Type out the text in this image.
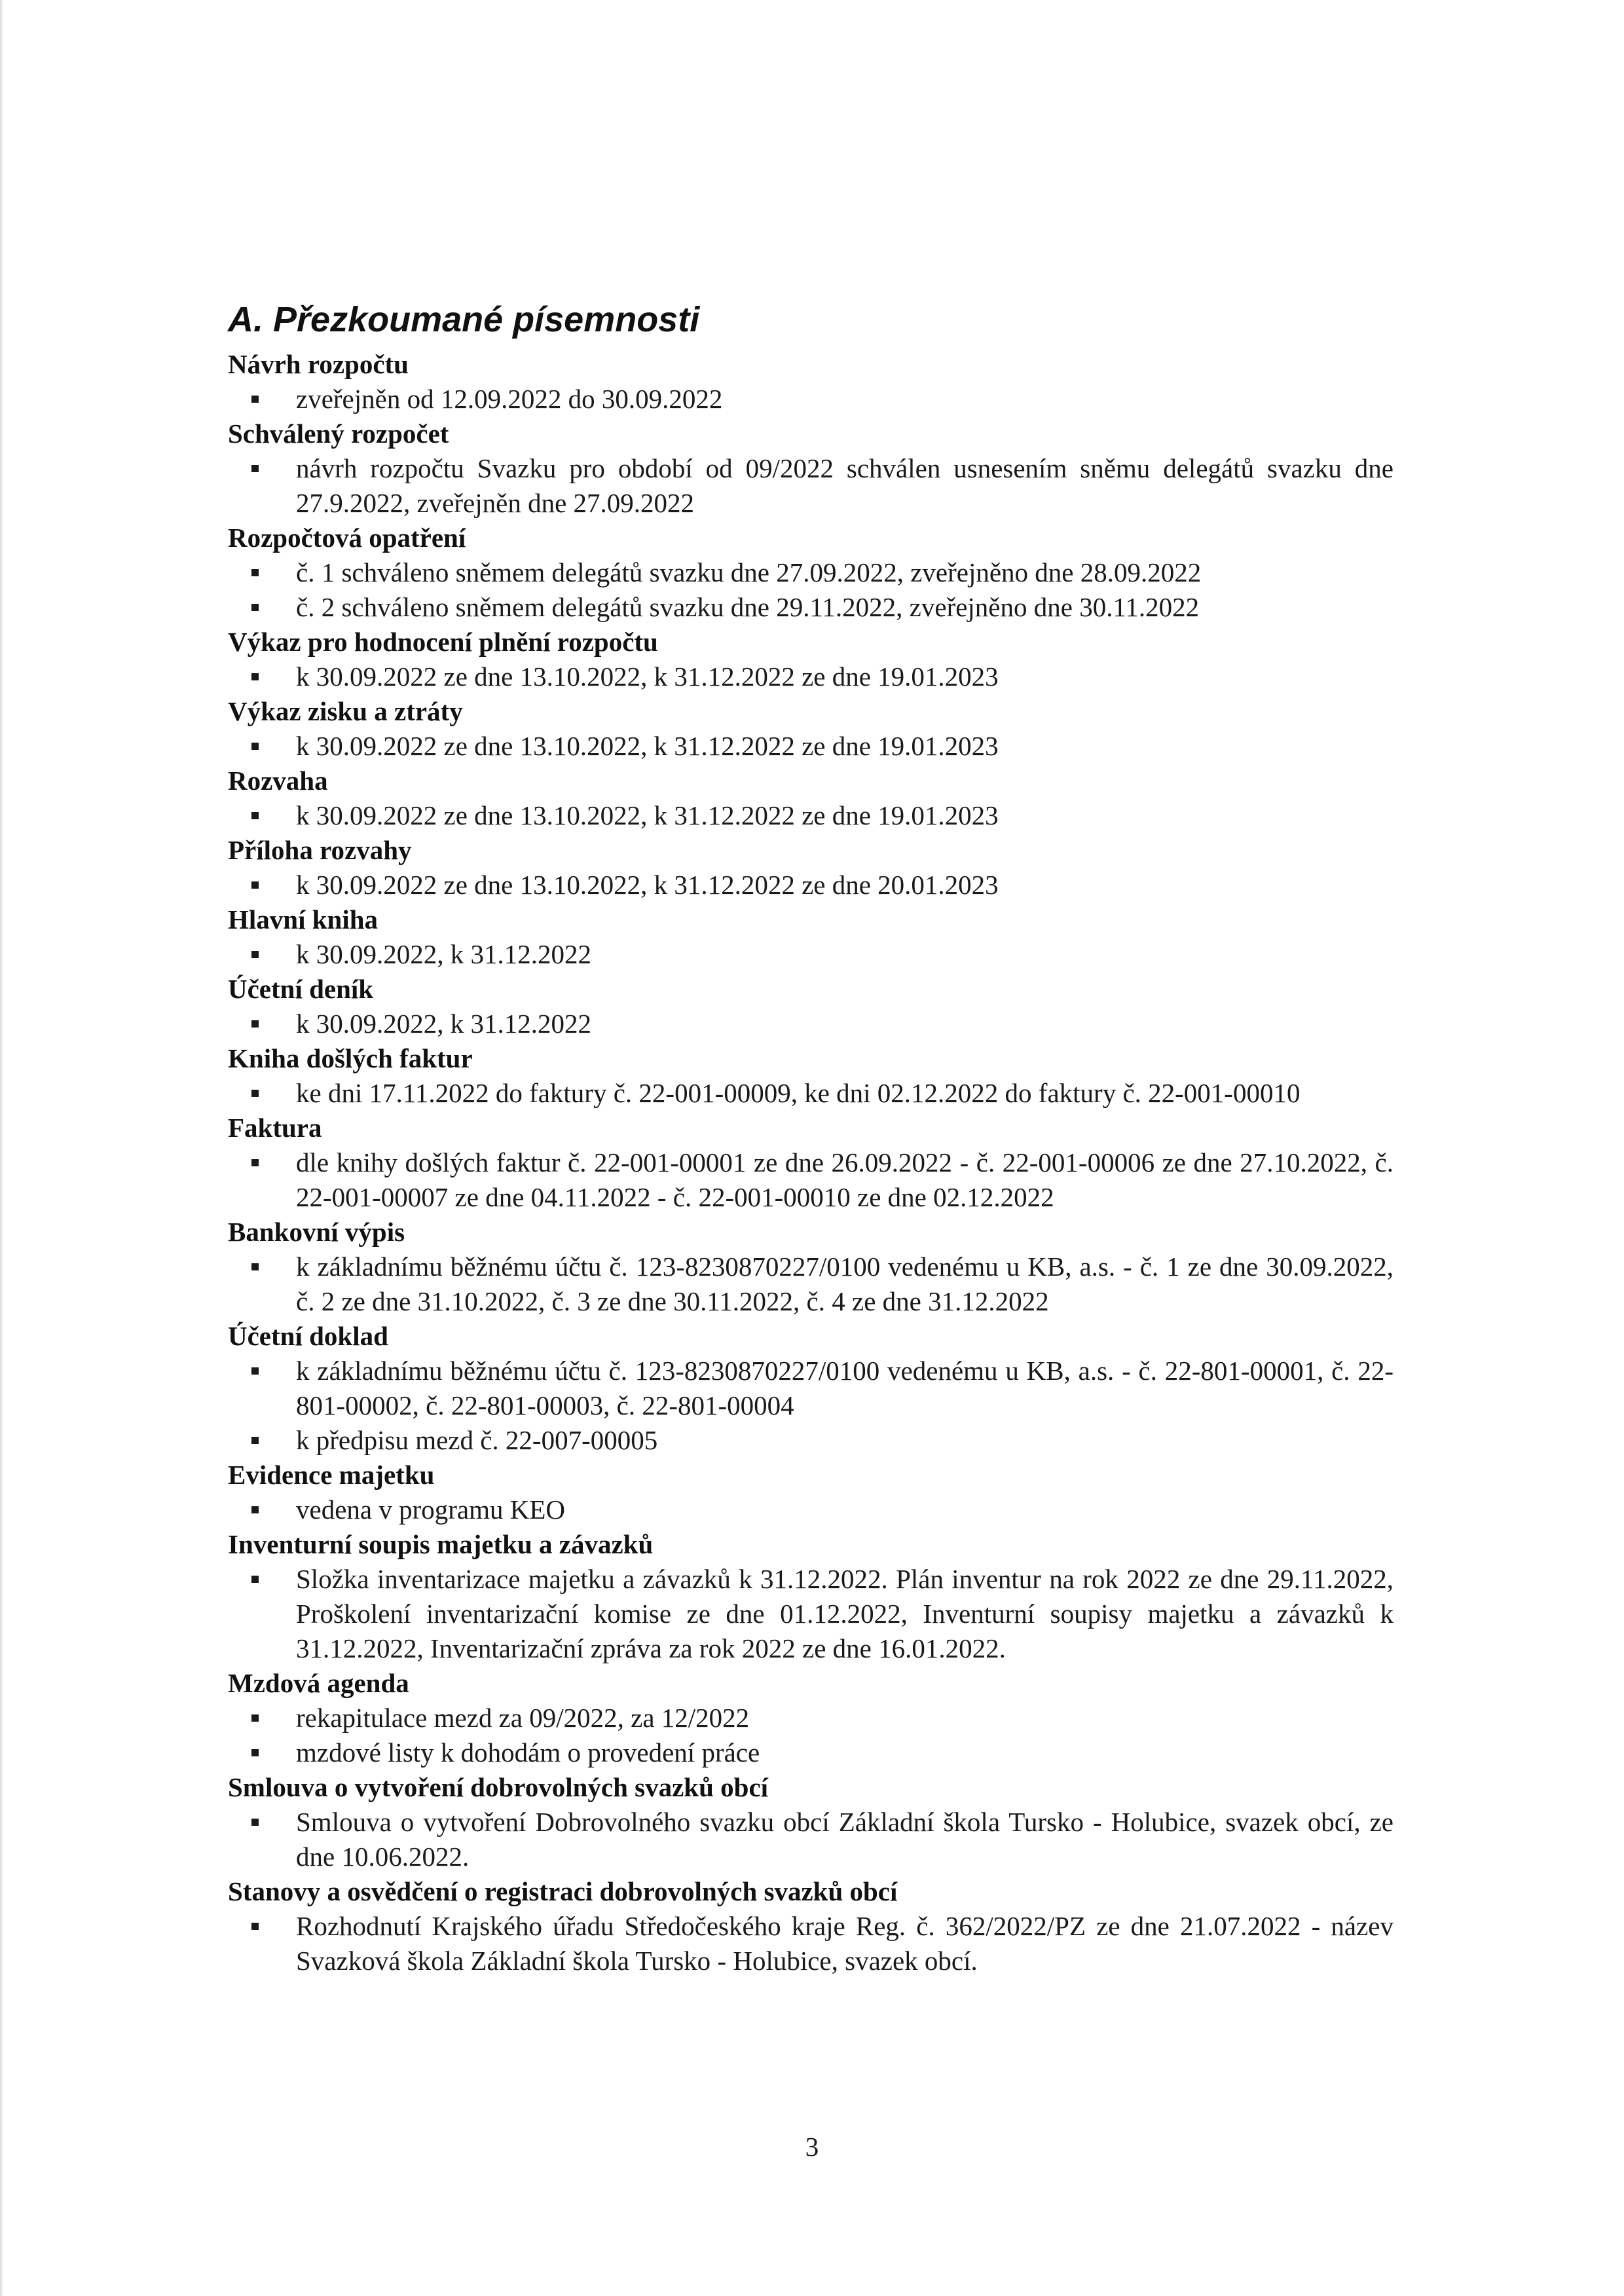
A. Přezkoumané písemnosti
Návrh rozpočtu
zveřejněn od 12.09.2022 do 30.09.2022
Schválený rozpočet
návrh rozpočtu Svazku pro období od 09/2022 schválen usnesením sněmu delegátů svazku dne 27.9.2022, zveřejněn dne 27.09.2022
Rozpočtová opatření
č. 1 schváleno sněmem delegátů svazku dne 27.09.2022, zveřejněno dne 28.09.2022
č. 2 schváleno sněmem delegátů svazku dne 29.11.2022, zveřejněno dne 30.11.2022
Výkaz pro hodnocení plnění rozpočtu
k 30.09.2022 ze dne 13.10.2022, k 31.12.2022 ze dne 19.01.2023
Výkaz zisku a ztráty
k 30.09.2022 ze dne 13.10.2022, k 31.12.2022 ze dne 19.01.2023
Rozvaha
k 30.09.2022 ze dne 13.10.2022, k 31.12.2022 ze dne 19.01.2023
Příloha rozvahy
k 30.09.2022 ze dne 13.10.2022, k 31.12.2022 ze dne 20.01.2023
Hlavní kniha
k 30.09.2022, k 31.12.2022
Účetní deník
k 30.09.2022, k 31.12.2022
Kniha došlých faktur
ke dni 17.11.2022 do faktury č. 22-001-00009, ke dni 02.12.2022 do faktury č. 22-001-00010
Faktura
dle knihy došlých faktur č. 22-001-00001 ze dne 26.09.2022 - č. 22-001-00006 ze dne 27.10.2022, č. 22-001-00007 ze dne 04.11.2022 - č. 22-001-00010 ze dne 02.12.2022
Bankovní výpis
k základnímu běžnému účtu č. 123-8230870227/0100 vedenému u KB, a.s. - č. 1 ze dne 30.09.2022, č. 2 ze dne 31.10.2022, č. 3 ze dne 30.11.2022, č. 4 ze dne 31.12.2022
Účetní doklad
k základnímu běžnému účtu č. 123-8230870227/0100 vedenému u KB, a.s. - č. 22-801-00001, č. 22-801-00002, č. 22-801-00003, č. 22-801-00004
k předpisu mezd č. 22-007-00005
Evidence majetku
vedena v programu KEO
Inventurní soupis majetku a závazků
Složka inventarizace majetku a závazků k 31.12.2022. Plán inventur na rok 2022 ze dne 29.11.2022, Proškolení inventarizační komise ze dne 01.12.2022, Inventurní soupisy majetku a závazků k 31.12.2022, Inventarizační zpráva za rok 2022 ze dne 16.01.2022.
Mzdová agenda
rekapitulace mezd za 09/2022, za 12/2022
mzdové listy k dohodám o provedení práce
Smlouva o vytvoření dobrovolných svazků obcí
Smlouva o vytvoření Dobrovolného svazku obcí Základní škola Tursko - Holubice, svazek obcí, ze dne 10.06.2022.
Stanovy a osvědčení o registraci dobrovolných svazků obcí
Rozhodnutí Krajského úřadu Středočeského kraje Reg. č. 362/2022/PZ ze dne 21.07.2022 - název Svazková škola Základní škola Tursko - Holubice, svazek obcí.
3
